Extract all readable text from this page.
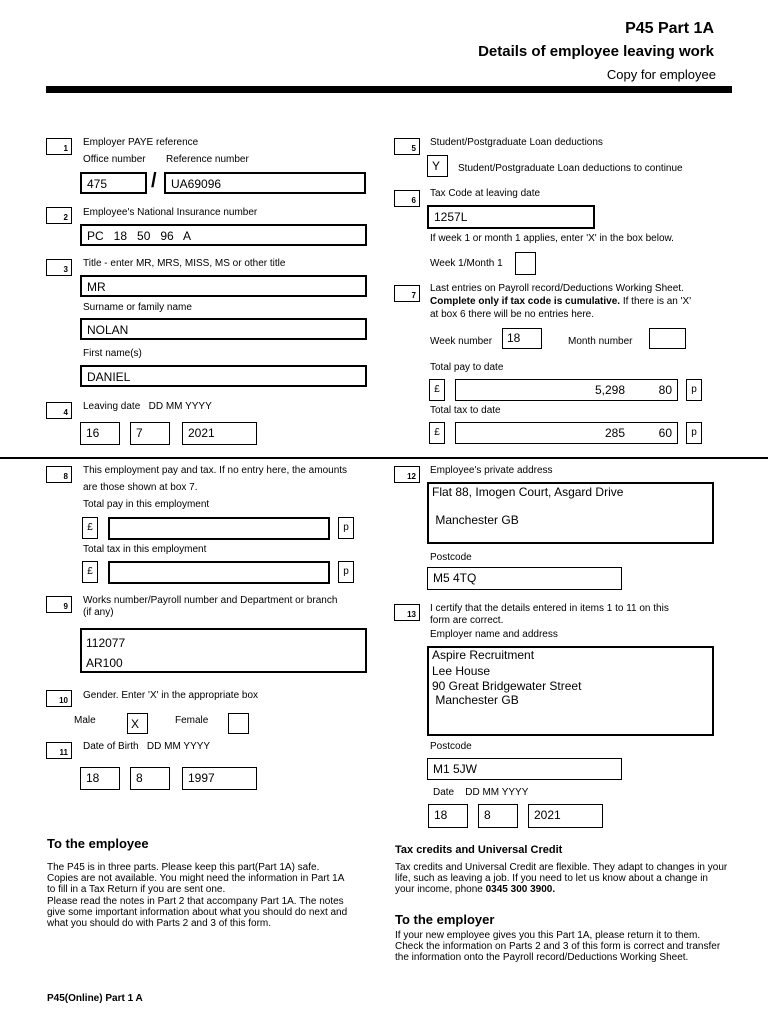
P45 Part 1A
Details of employee leaving work
Copy for employee
1
Employer PAYE reference
Office number Reference number
475	/	UA69096
2	Employee's National Insurance number
PC   18   50   96   A
3
Title - enter MR, MRS, MISS, MS or other title
MR
Surname or family name
NOLAN
First name(s)
DANIEL
4
Leaving date   DD MM YYYY
16	7	2021
5
Student/Postgraduate Loan deductions
Y	Student/Postgraduate Loan deductions to continue
6
Tax Code at leaving date
1257L
If week 1 or month 1 applies, enter 'X' in the box below.
Week 1/Month 1
7
Last entries on Payroll record/Deductions Working Sheet.
Complete only if tax code is cumulative. If there is an 'X'
at box 6 there will be no entries here.
Week number	18	Month number
Total pay to date
£	5,298	80	p
Total tax to date
£	285	60	p
8
This employment pay and tax. If no entry here, the amounts
are those shown at box 7.
Total pay in this employment
£	p
Total tax in this employment
£	p
9
Works number/Payroll number and Department or branch
(if any)
112077
AR100
10	Gender. Enter 'X' in the appropriate box
Male	X	Female
11
Date of Birth   DD MM YYYY
18	8	1997
12
Employee's private address
Flat 88, Imogen Court, Asgard Drive
Manchester GB
Postcode
M5 4TQ
13
I certify that the details entered in items 1 to 11 on this
form are correct.
Employer name and address
Aspire Recruitment
Lee House
90 Great Bridgewater Street
Manchester GB
Postcode
M1 5JW
Date    DD MM YYYY
18	8	2021
To the employee
The P45 is in three parts. Please keep this part(Part 1A) safe. Copies are not available. You might need the information in Part 1A to fill in a Tax Return if you are sent one.
Please read the notes in Part 2 that accompany Part 1A. The notes give some important information about what you should do next and what you should do with Parts 2 and 3 of this form.
Tax credits and Universal Credit
Tax credits and Universal Credit are flexible. They adapt to changes in your life, such as leaving a job. If you need to let us know about a change in your income, phone 0345 300 3900.
To the employer
If your new employee gives you this Part 1A, please return it to them. Check the information on Parts 2 and 3 of this form is correct and transfer the information onto the Payroll record/Deductions Working Sheet.
P45(Online) Part 1 A
